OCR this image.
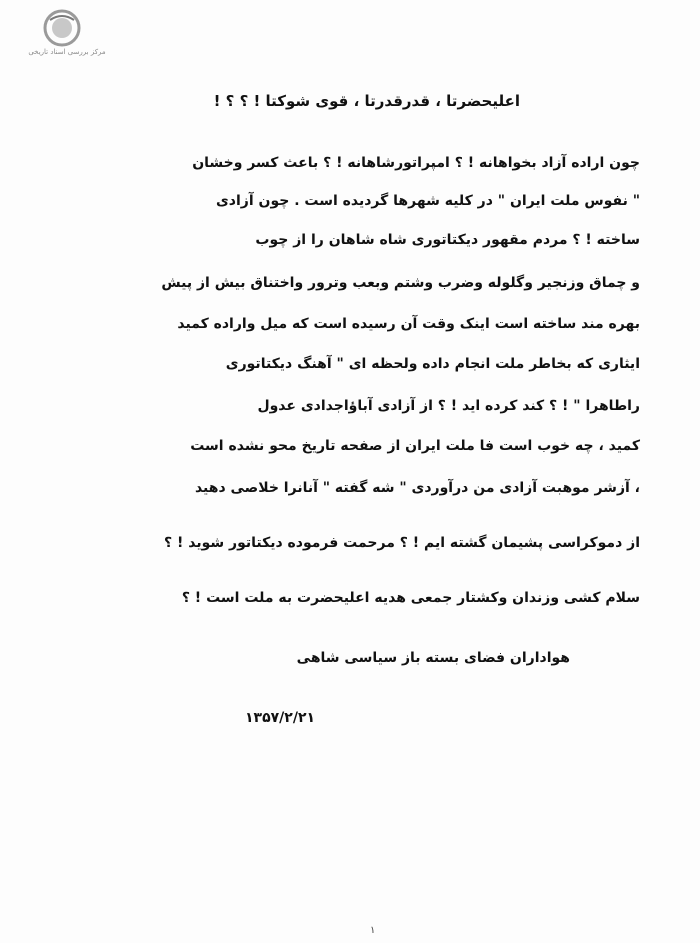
مرکز بررسی اسناد تاریخی
اعلیحضرتا ، قدرقدرتا ، قوی شوکتا ! ؟ ؟ !
چون اراده آزاد بخواهانه ! ؟ امپراتورشاهانه ! ؟ باعث کسر وخشان
" نفوس ملت ایران " در کلیه شهرها گردیده است . چون آزادی
ساخته ! ؟ مردم مقهور دیکتاتوری شاه شاهان را از چوب
و چماق وزنجیر وگلوله وضرب وشتم وبعب وترور واختناق بیش از پیش
بهره مند ساخته است اینک وقت آن رسیده است که میل واراده کمید
ایثاری که بخاطر ملت انجام داده ولحظه ای " آهنگ دیکتاتوری
راطاهرا " ! ؟ کند کرده اید ! ؟ از آزادی آباؤاجدادی عدول
کمید ، چه خوب است فا ملت ایران از صفحه تاریخ محو نشده است
، آزشر موهبت آزادی من درآوردی " شه گفته " آنانرا خلاصی دهید
از دموکراسی پشیمان گشته ایم ! ؟ مرحمت فرموده دیکتاتور شوید ! ؟
سلام کشی وزندان وکشتار جمعی هدیه اعلیحضرت به ملت است ! ؟
هواداران فضای بسته باز سیاسی شاهی
۱۳۵۷/۲/۲۱
۱
